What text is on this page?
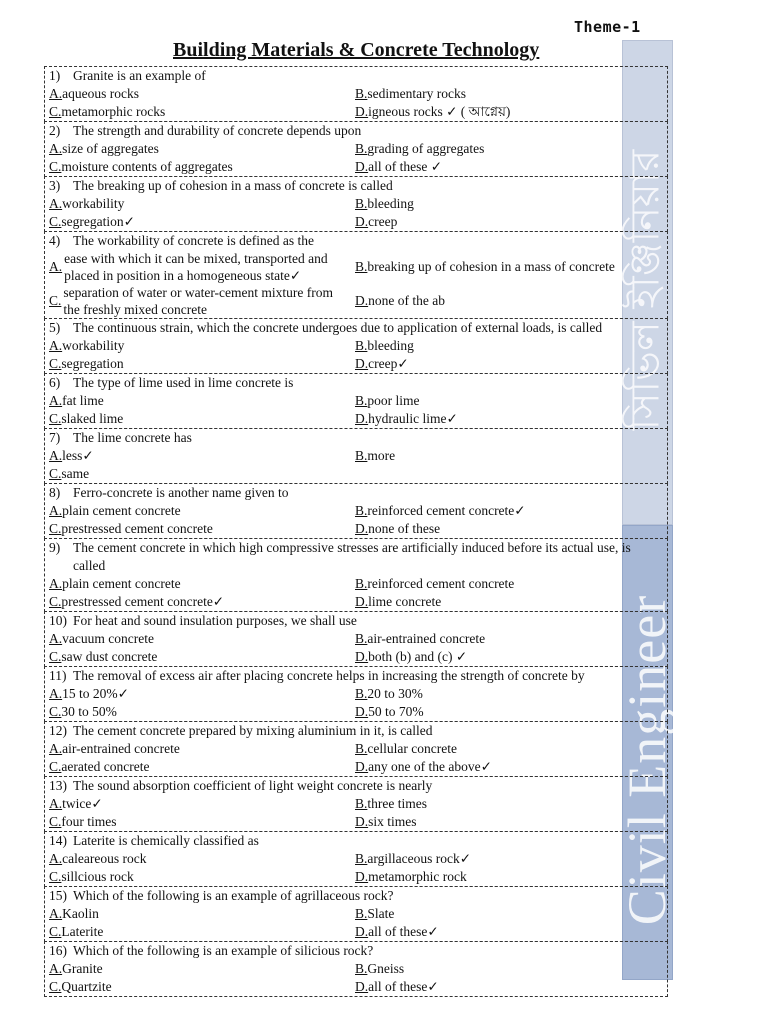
Theme-1
Building Materials & Concrete Technology
সিভিল ইঞ্জিনিয়ার
Civil Engineer
1) Granite is an example of
A. aqueous rocks	B. sedimentary rocks
C. metamorphic rocks	D. igneous rocks ✓ ( আগ্নেয়)
2) The strength and durability of concrete depends upon
A. size of aggregates	B. grading of aggregates
C. moisture contents of aggregates	D. all of these ✓
3) The breaking up of cohesion in a mass of concrete is called
A. workability	B. bleeding
C. segregation✓	D. creep
4) The workability of concrete is defined as the
A.
ease with which it can be mixed, transported and placed in position in a homogeneous state✓
B. breaking up of cohesion in a mass of concrete
C.
separation of water or water-cement mixture from the freshly mixed concrete
D. none of the ab
5) The continuous strain, which the concrete undergoes due to application of external loads, is called
A. workability	B. bleeding
C. segregation	D. creep✓
6) The type of lime used in lime concrete is
A. fat lime	B. poor lime
C. slaked lime	D. hydraulic lime✓
7) The lime concrete has
A. less✓	B. more
C. same
8) Ferro-concrete is another name given to
A. plain cement concrete	B. reinforced cement concrete✓
C. prestressed cement concrete	D. none of these
9) The cement concrete in which high compressive stresses are artificially induced before its actual use, is called
A. plain cement concrete	B. reinforced cement concrete
C. prestressed cement concrete✓	D. lime concrete
10) For heat and sound insulation purposes, we shall use
A. vacuum concrete	B. air-entrained concrete
C. saw dust concrete	D. both (b) and (c) ✓
11) The removal of excess air after placing concrete helps in increasing the strength of concrete by
A. 15 to 20%✓	B. 20 to 30%
C. 30 to 50%	D. 50 to 70%
12) The cement concrete prepared by mixing aluminium in it, is called
A. air-entrained concrete	B. cellular concrete
C. aerated concrete	D. any one of the above✓
13) The sound absorption coefficient of light weight concrete is nearly
A. twice✓	B. three times
C. four times	D. six times
14) Laterite is chemically classified as
A. caleareous rock	B. argillaceous rock✓
C. sillcious rock	D. metamorphic rock
15) Which of the following is an example of agrillaceous rock?
A. Kaolin	B. Slate
C. Laterite	D. all of these✓
16) Which of the following is an example of silicious rock?
A. Granite	B. Gneiss
C. Quartzite	D. all of these✓
